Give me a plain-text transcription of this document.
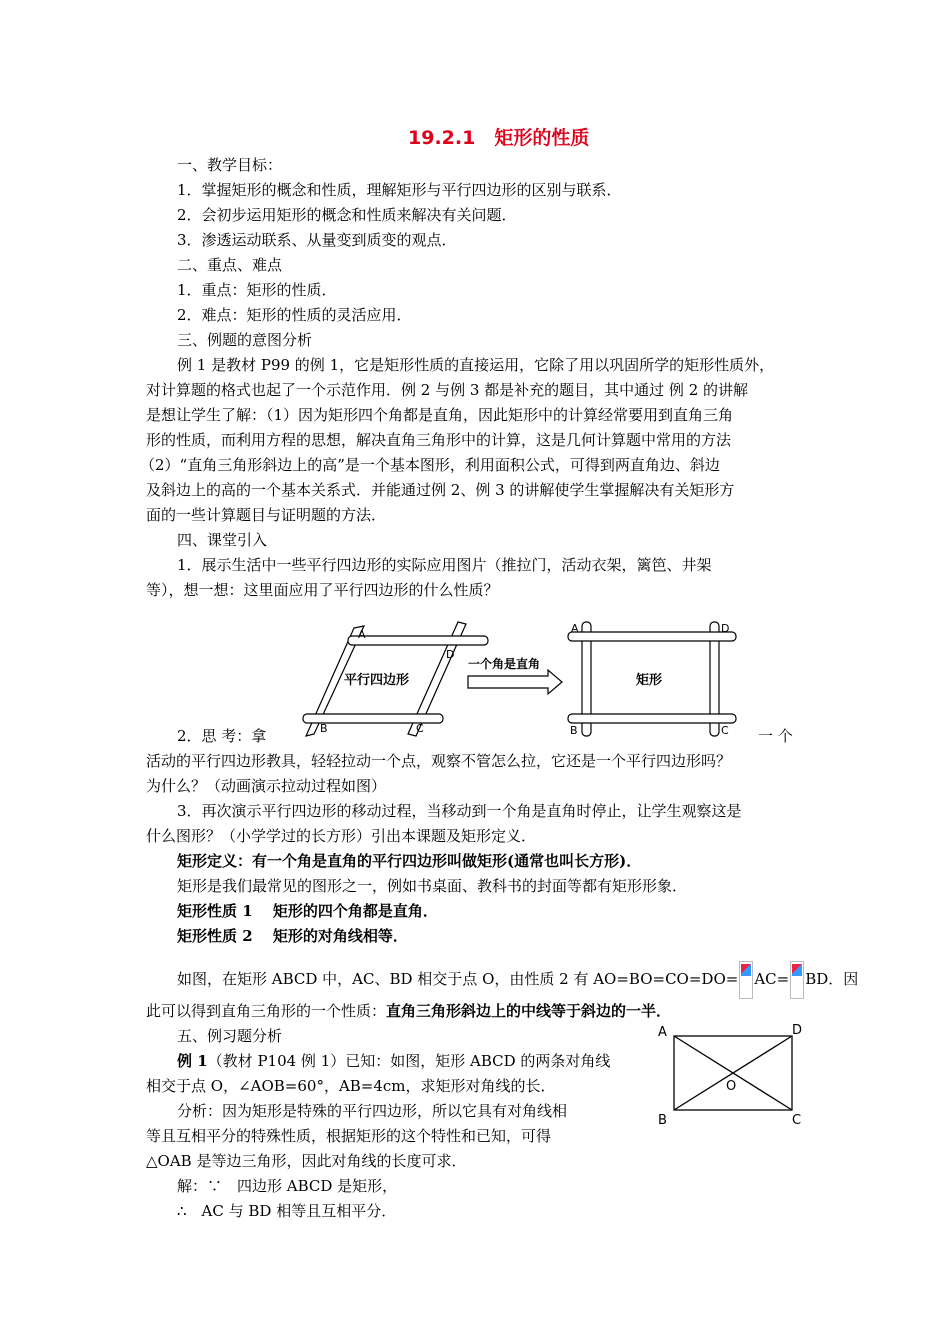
19.2.1　矩形的性质
一、教学目标：
1．掌握矩形的概念和性质，理解矩形与平行四边形的区别与联系．
2．会初步运用矩形的概念和性质来解决有关问题．
3．渗透运动联系、从量变到质变的观点．
二、重点、难点
1．重点：矩形的性质．
2．难点：矩形的性质的灵活应用．
三、例题的意图分析
例 1 是教材 P99 的例 1，它是矩形性质的直接运用，它除了用以巩固所学的矩形性质外，
对计算题的格式也起了一个示范作用．例 2 与例 3 都是补充的题目，其中通过 例 2 的讲解
是想让学生了解：（1）因为矩形四个角都是直角，因此矩形中的计算经常要用到直角三角
形的性质，而利用方程的思想，解决直角三角形中的计算，这是几何计算题中常用的方法
（2）“直角三角形斜边上的高”是一个基本图形，利用面积公式，可得到两直角边、斜边
及斜边上的高的一个基本关系式．并能通过例 2、例 3 的讲解使学生掌握解决有关矩形方
面的一些计算题目与证明题的方法．
四、课堂引入
1．展示生活中一些平行四边形的实际应用图片（推拉门，活动衣架，篱笆、井架
等），想一想：这里面应用了平行四边形的什么性质？
A
D
B	C
平行四边形
一个角是直角
A	D
B	C
矩形
2．思 考：拿	一 个
活动的平行四边形教具，轻轻拉动一个点，观察不管怎么拉，它还是一个平行四边形吗？
为什么？（动画演示拉动过程如图）
3．再次演示平行四边形的移动过程，当移动到一个角是直角时停止，让学生观察这是
什么图形？（小学学过的长方形）引出本课题及矩形定义．
矩形定义：有一个角是直角的平行四边形叫做矩形(通常也叫长方形)．
矩形是我们最常见的图形之一，例如书桌面、教科书的封面等都有矩形形象．
矩形性质 1　 矩形的四个角都是直角．
矩形性质 2　 矩形的对角线相等．
如图，在矩形 ABCD 中，AC、BD 相交于点 O，由性质 2 有 AO=BO=CO=DO= AC= BD．因
此可以得到直角三角形的一个性质：直角三角形斜边上的中线等于斜边的一半．
五、例习题分析
例 1（教材 P104 例 1）已知：如图，矩形 ABCD 的两条对角线
相交于点 O，∠AOB=60°，AB=4cm，求矩形对角线的长．
分析：因为矩形是特殊的平行四边形，所以它具有对角线相
等且互相平分的特殊性质，根据矩形的这个特性和已知，可得
△OAB 是等边三角形，因此对角线的长度可求．
解：∵　四边形 ABCD 是矩形，
∴　AC 与 BD 相等且互相平分．
A	D
B	C
O
